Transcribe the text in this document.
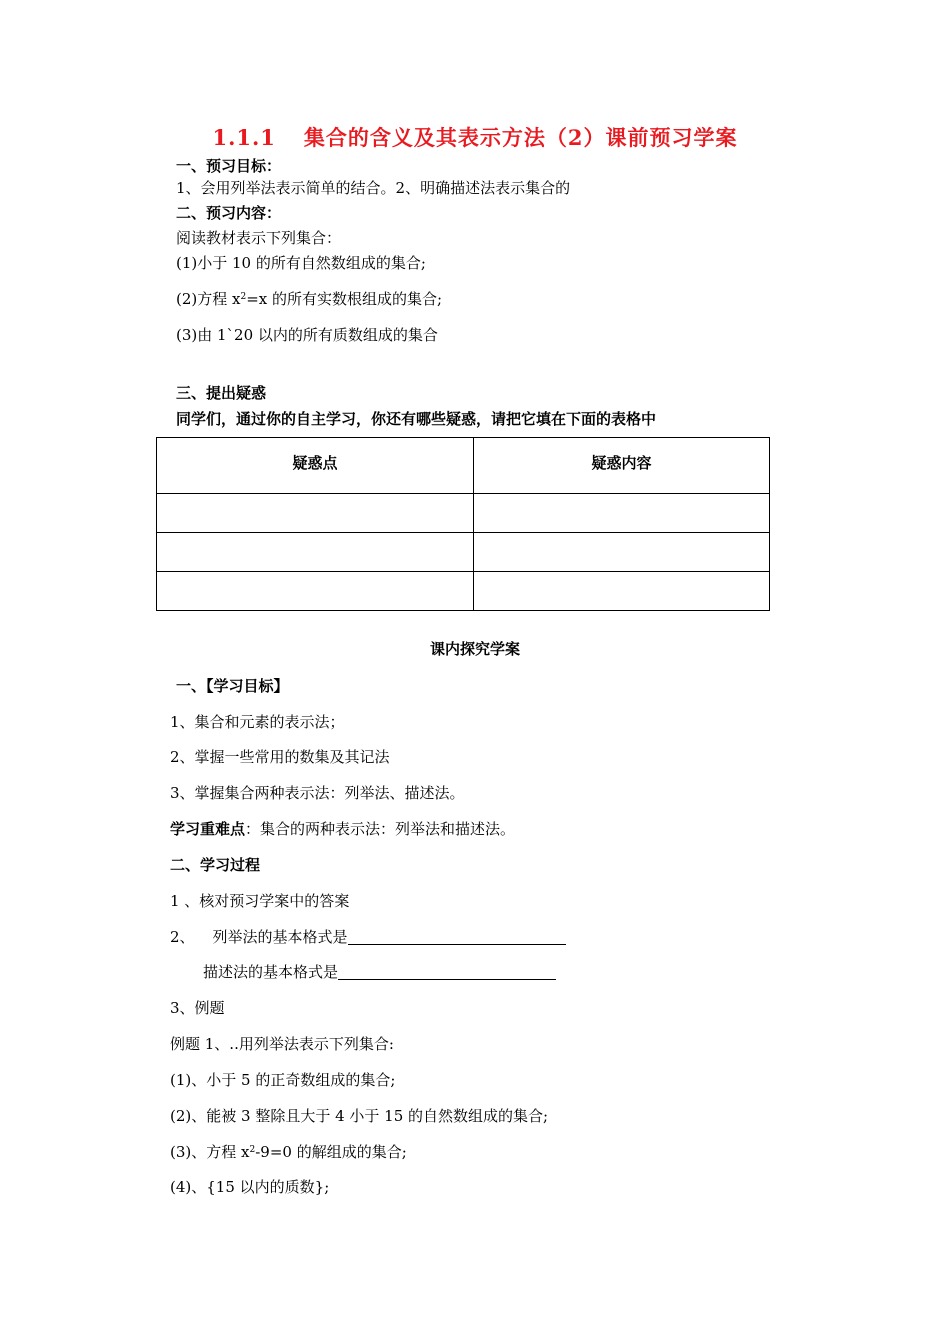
1.1.1 集合的含义及其表示方法（2）课前预习学案
一、预习目标：
1、会用列举法表示简单的结合。2、明确描述法表示集合的
二、预习内容：
阅读教材表示下列集合：
(1)小于 10 的所有自然数组成的集合;
(2)方程 $x^2=x$ 的所有实数根组成的集合;
(3)由 1`20 以内的所有质数组成的集合
三、提出疑惑
同学们，通过你的自主学习，你还有哪些疑惑，请把它填在下面的表格中
疑惑点	疑惑内容

课内探究学案
一、【学习目标】
1、集合和元素的表示法；
2、掌握一些常用的数集及其记法
3、掌握集合两种表示法：列举法、描述法。
学习重难点：集合的两种表示法：列举法和描述法。
二、学习过程
1 、核对预习学案中的答案
2、 列举法的基本格式是
描述法的基本格式是
3、例题
例题 1、..用列举法表示下列集合:
(1)、小于 5 的正奇数组成的集合;
(2)、能被 3 整除且大于 4 小于 15 的自然数组成的集合;
(3)、方程 $x^2-9=0$ 的解组成的集合;
(4)、{15 以内的质数};
